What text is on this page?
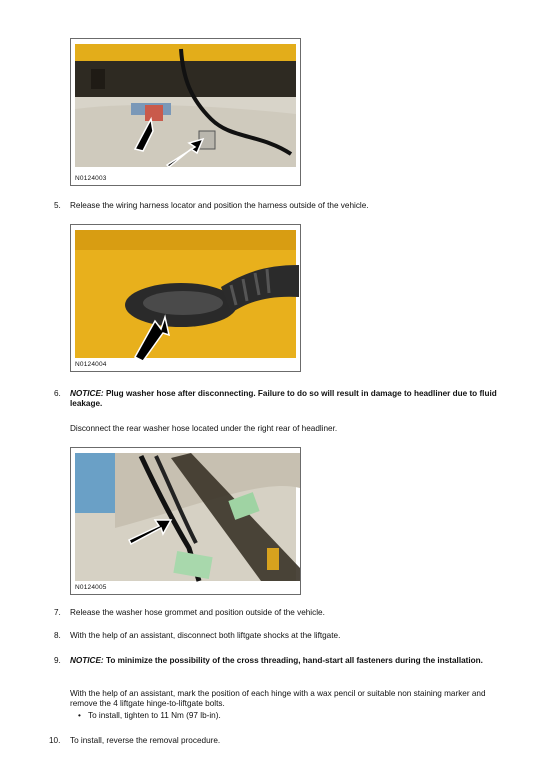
N0124003
5.	Release the wiring harness locator and position the harness outside of the vehicle.
N0124004
6.	NOTICE: Plug washer hose after disconnecting. Failure to do so will result in damage to headliner due to fluid leakage.
Disconnect the rear washer hose located under the right rear of headliner.
N0124005
7.	Release the washer hose grommet and position outside of the vehicle.
8.	With the help of an assistant, disconnect both liftgate shocks at the liftgate.
9.	NOTICE: To minimize the possibility of the cross threading, hand-start all fasteners during the installation.
With the help of an assistant, mark the position of each hinge with a wax pencil or suitable non staining marker and remove the 4 liftgate hinge-to-liftgate bolts.
• To install, tighten to 11 Nm (97 lb-in).
10. To install, reverse the removal procedure.
